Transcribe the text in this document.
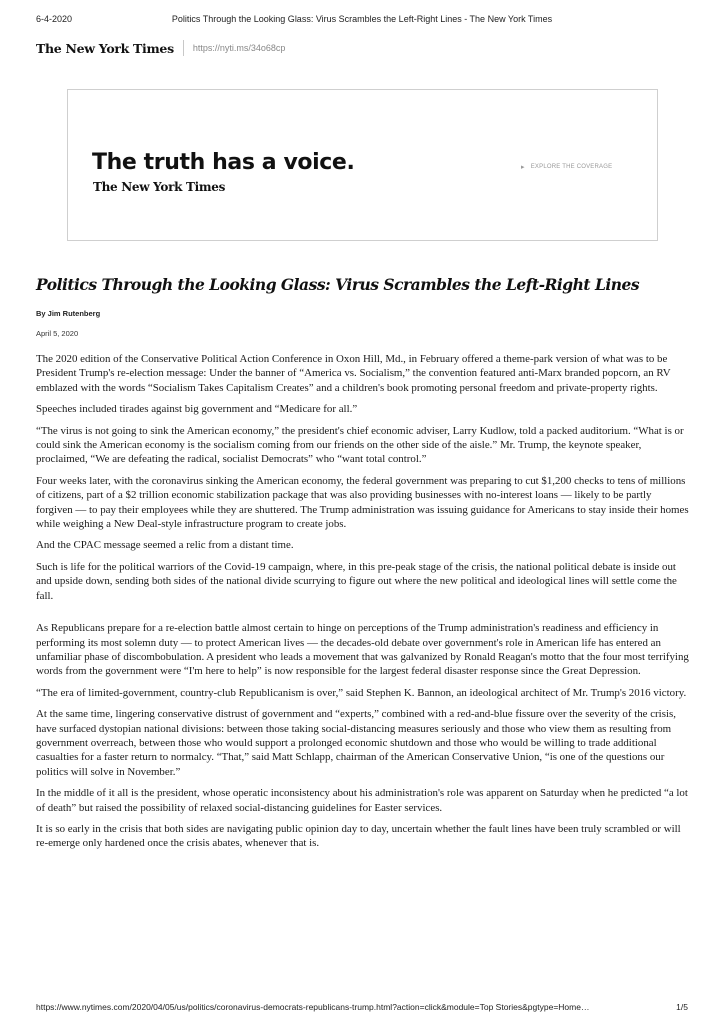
6-4-2020	Politics Through the Looking Glass: Virus Scrambles the Left-Right Lines - The New York Times
The New York Times https://nyti.ms/34o68cp
The truth has a voice.
The New York Times
▸ EXPLORE THE COVERAGE
Politics Through the Looking Glass: Virus Scrambles the Left-Right Lines
By Jim Rutenberg
April 5, 2020

The 2020 edition of the Conservative Political Action Conference in Oxon Hill, Md., in February offered a theme-park version of what was to be President Trump's re-election message: Under the banner of “America vs. Socialism,” the convention featured anti-Marx branded popcorn, an RV emblazed with the words “Socialism Takes Capitalism Creates” and a children's book promoting personal freedom and private-property rights.

Speeches included tirades against big government and “Medicare for all.”

“The virus is not going to sink the American economy,” the president's chief economic adviser, Larry Kudlow, told a packed auditorium. “What is or could sink the American economy is the socialism coming from our friends on the other side of the aisle.” Mr. Trump, the keynote speaker, proclaimed, “We are defeating the radical, socialist Democrats” who “want total control.”

Four weeks later, with the coronavirus sinking the American economy, the federal government was preparing to cut $1,200 checks to tens of millions of citizens, part of a $2 trillion economic stabilization package that was also providing businesses with no-interest loans — likely to be partly forgiven — to pay their employees while they are shuttered. The Trump administration was issuing guidance for Americans to stay inside their homes while weighing a New Deal-style infrastructure program to create jobs.

And the CPAC message seemed a relic from a distant time.

Such is life for the political warriors of the Covid-19 campaign, where, in this pre-peak stage of the crisis, the national political debate is inside out and upside down, sending both sides of the national divide scurrying to figure out where the new political and ideological lines will settle come the fall.

As Republicans prepare for a re-election battle almost certain to hinge on perceptions of the Trump administration's readiness and efficiency in performing its most solemn duty — to protect American lives — the decades-old debate over government's role in American life has entered an unfamiliar phase of discombobulation. A president who leads a movement that was galvanized by Ronald Reagan's motto that the four most terrifying words from the government were “I'm here to help” is now responsible for the largest federal disaster response since the Great Depression.

“The era of limited-government, country-club Republicanism is over,” said Stephen K. Bannon, an ideological architect of Mr. Trump's 2016 victory.

At the same time, lingering conservative distrust of government and “experts,” combined with a red-and-blue fissure over the severity of the crisis, have surfaced dystopian national divisions: between those taking social-distancing measures seriously and those who view them as resulting from government overreach, between those who would support a prolonged economic shutdown and those who would be willing to trade additional casualties for a faster return to normalcy. “That,” said Matt Schlapp, chairman of the American Conservative Union, “is one of the questions our politics will solve in November.”

In the middle of it all is the president, whose operatic inconsistency about his administration's role was apparent on Saturday when he predicted “a lot of death” but raised the possibility of relaxed social-distancing guidelines for Easter services.

It is so early in the crisis that both sides are navigating public opinion day to day, uncertain whether the fault lines have been truly scrambled or will re-emerge only hardened once the crisis abates, whenever that is.

https://www.nytimes.com/2020/04/05/us/politics/coronavirus-democrats-republicans-trump.html?action=click&module=Top Stories&pgtype=Home…	1/5
